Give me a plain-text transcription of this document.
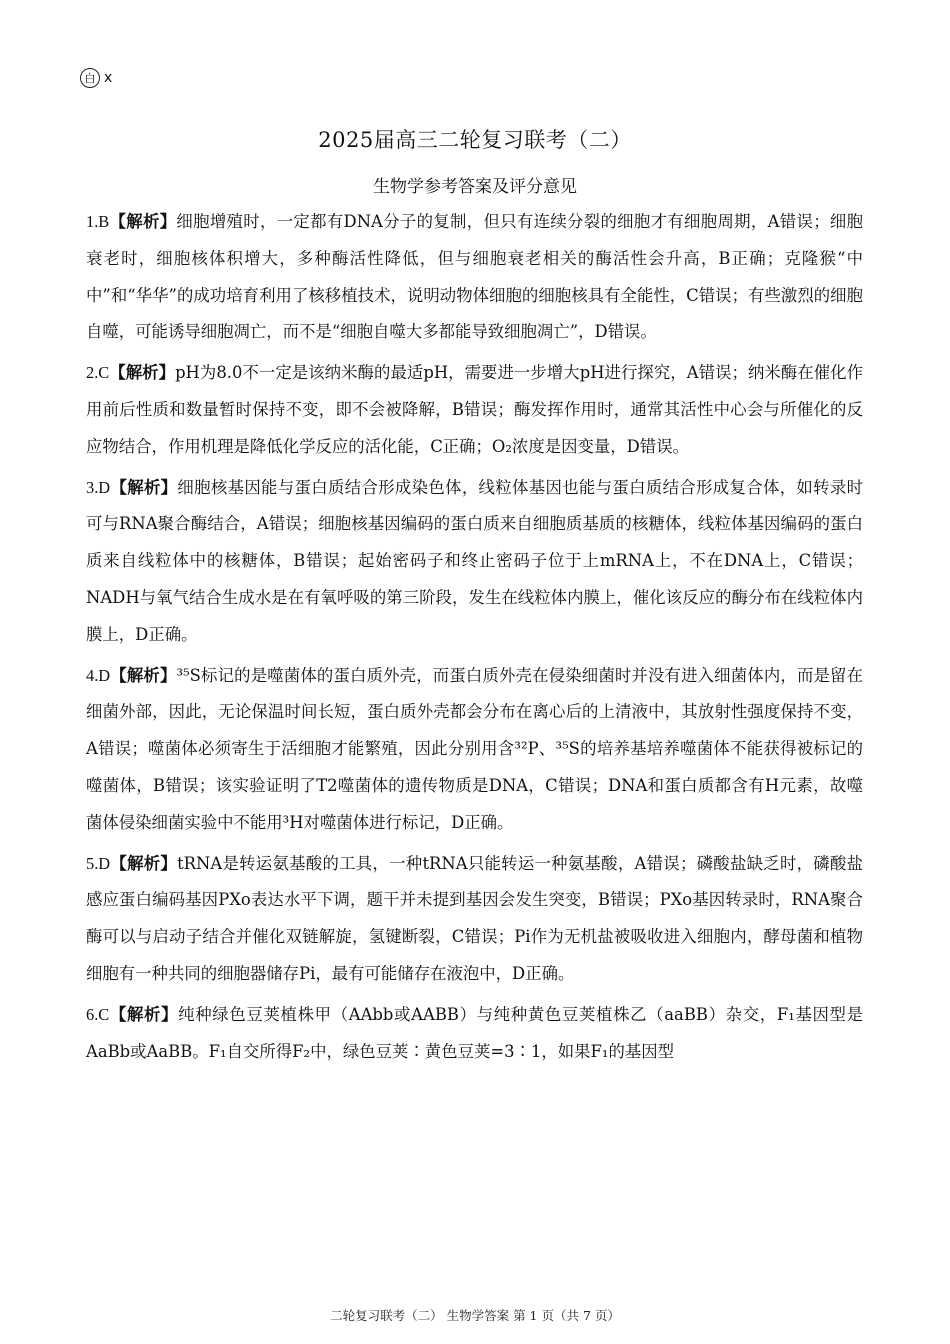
白 x
2025届高三二轮复习联考（二）
生物学参考答案及评分意见

1.B【解析】细胞增殖时，一定都有DNA分子的复制，但只有连续分裂的细胞才有细胞周期，A错误；细胞衰老时，细胞核体积增大，多种酶活性降低，但与细胞衰老相关的酶活性会升高，B正确；克隆猴“中中”和“华华”的成功培育利用了核移植技术，说明动物体细胞的细胞核具有全能性，C错误；有些激烈的细胞自噬，可能诱导细胞凋亡，而不是“细胞自噬大多都能导致细胞凋亡”，D错误。

2.C【解析】pH为8.0不一定是该纳米酶的最适pH，需要进一步增大pH进行探究，A错误；纳米酶在催化作用前后性质和数量暂时保持不变，即不会被降解，B错误；酶发挥作用时，通常其活性中心会与所催化的反应物结合，作用机理是降低化学反应的活化能，C正确；O₂浓度是因变量，D错误。

3.D【解析】细胞核基因能与蛋白质结合形成染色体，线粒体基因也能与蛋白质结合形成复合体，如转录时可与RNA聚合酶结合，A错误；细胞核基因编码的蛋白质来自细胞质基质的核糖体，线粒体基因编码的蛋白质来自线粒体中的核糖体，B错误；起始密码子和终止密码子位于上mRNA上，不在DNA上，C错误；NADH与氧气结合生成水是在有氧呼吸的第三阶段，发生在线粒体内膜上，催化该反应的酶分布在线粒体内膜上，D正确。

4.D【解析】³⁵S标记的是噬菌体的蛋白质外壳，而蛋白质外壳在侵染细菌时并没有进入细菌体内，而是留在细菌外部，因此，无论保温时间长短，蛋白质外壳都会分布在离心后的上清液中，其放射性强度保持不变，A错误；噬菌体必须寄生于活细胞才能繁殖，因此分别用含³²P、³⁵S的培养基培养噬菌体不能获得被标记的噬菌体，B错误；该实验证明了T2噬菌体的遗传物质是DNA，C错误；DNA和蛋白质都含有H元素，故噬菌体侵染细菌实验中不能用³H对噬菌体进行标记，D正确。

5.D【解析】tRNA是转运氨基酸的工具，一种tRNA只能转运一种氨基酸，A错误；磷酸盐缺乏时，磷酸盐感应蛋白编码基因PXo表达水平下调，题干并未提到基因会发生突变，B错误；PXo基因转录时，RNA聚合酶可以与启动子结合并催化双链解旋，氢键断裂，C错误；Pi作为无机盐被吸收进入细胞内，酵母菌和植物细胞有一种共同的细胞器储存Pi，最有可能储存在液泡中，D正确。

6.C【解析】纯种绿色豆荚植株甲（AAbb或AABB）与纯种黄色豆荚植株乙（aaBB）杂交，F₁基因型是AaBb或AaBB。F₁自交所得F₂中，绿色豆荚∶黄色豆荚=3∶1，如果F₁的基因型

二轮复习联考（二） 生物学答案 第 1 页（共 7 页）
